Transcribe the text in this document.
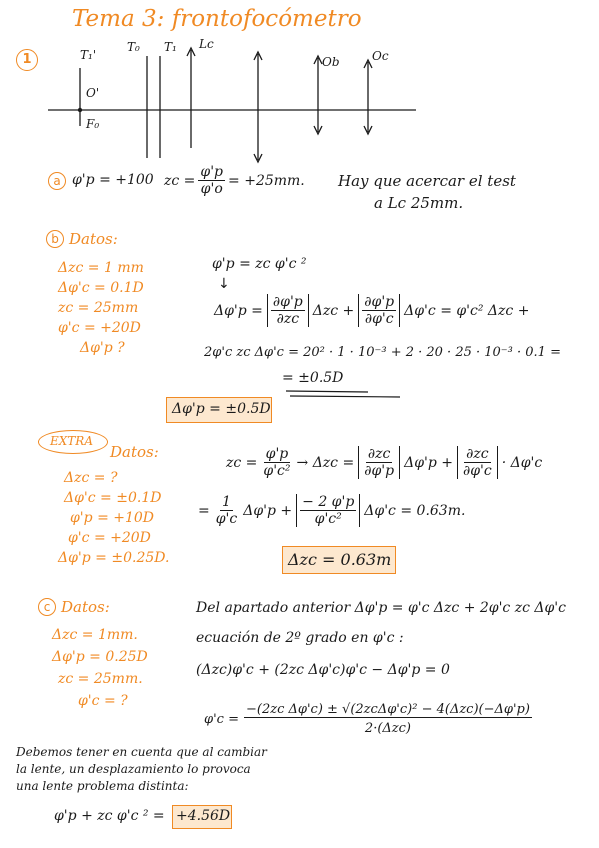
Tema 3: frontofocómetro
1	T₁'
T₀ T₁ Lc
O'
F₀
Ob	Oc
a φ'p = +100 zc = $\frac{\varphi'p}{\varphi'o} = +25mm$. Hay que acercar el test
a Lc 25mm.
b Datos:
Δzc = 1 mm
Δφ'c = 0.1D
zc = 25mm
φ'c = +20D
Δφ'p ?
φ'p = zc φ'c ²
↓
$\Delta\varphi'p = \frac{\partial\varphi'p}{\partial zc}$ $\Delta zc + \frac{\partial\varphi'p}{\partial\varphi'c} \Delta\varphi'c = \varphi'c^2$ Δzc +
2φ'c zc Δφ'c = 20² · 1 · 10⁻³ + 2 · 20 · 25 · 10⁻³ · 0.1 =
= ±0.5D
Δφ'p = ±0.5D
EXTRA
Datos:
Δzc = ?
Δφ'c = ±0.1D
φ'p = +10D
φ'c = +20D
Δφ'p = ±0.25D.
zc = $\frac{\varphi'p}{\text{φ'c²}} \to \Delta zc = \frac{\partial zc}{\partial\varphi'p} \Delta\varphi'p + \frac{\partial zc}{\partial\varphi'c} \cdot \Delta\varphi'c$
= $\frac{1}{\varphi'c} \Delta\varphi'p + \frac{- 2 \varphi'p}{\text{φ'c²}} \Delta\varphi'c = 0.63m$.
Δzc = 0.63m
c Datos:
Δzc = 1mm.
Δφ'p = 0.25D
zc = 25mm.
φ'c = ?
Del apartado anterior Δφ'p = φ'c Δzc + 2φ'c zc Δφ'c
ecuación de 2º grado en φ'c :
(Δzc)φ'c + (2zc Δφ'c)φ'c − Δφ'p = 0
$\varphi'c = \frac{\text{−(2zc Δφ'c) ± √(2zcΔφ'c)² − 4(Δzc)(−Δφ'p)}}{\text{2·(Δzc)}}$
Debemos tener en cuenta que al cambiar
la lente, un desplazamiento lo provoca
una lente problema distinta:
φ'p + zc φ'c ² = +4.56D
